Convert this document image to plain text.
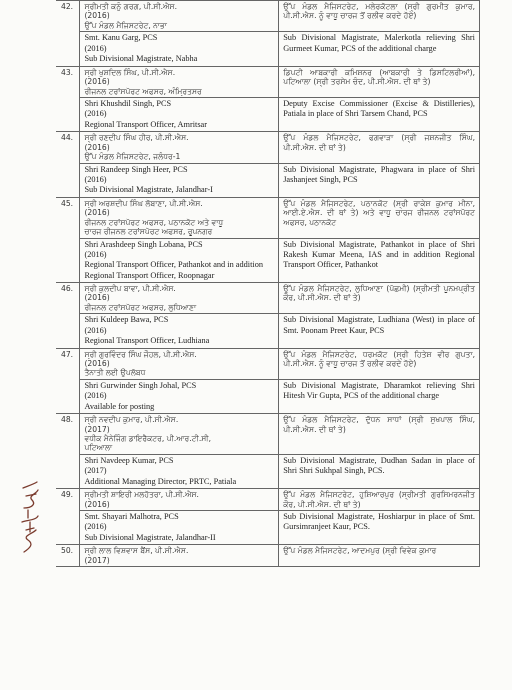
42.	ਸ੍ਰੀਮਤੀ ਕਨੂੰ ਗਰਗ, ਪੀ.ਸੀ.ਐਸ.
(2016)
ਉੱਪ ਮੰਡਲ ਮੈਜਿਸਟਰੇਟ, ਨਾਭਾ	ਉੱਪ ਮੰਡਲ ਮੈਜਿਸਟਰੇਟ, ਮਲੇਰਕੋਟਲਾ (ਸ੍ਰੀ ਗੁਰਮੀਤ ਕੁਮਾਰ, ਪੀ.ਸੀ.ਐਸ. ਨੂੰ ਵਾਧੂ ਚਾਰਜ ਤੋਂ ਰਲੀਵ ਕਰਦੇ ਹੋਏ)

	Smt. Kanu Garg, PCS
(2016)
Sub Divisional Magistrate, Nabha	Sub Divisional Magistrate, Malerkotla relieving Shri Gurmeet Kumar, PCS of the additional charge
43.	ਸ੍ਰੀ ਖੁਸ਼ਦਿਲ ਸਿੰਘ, ਪੀ.ਸੀ.ਐਸ.
(2016)
ਰੀਜਨਲ ਟਰਾਂਸਪੋਰਟ ਅਫਸਰ, ਅੰਮ੍ਰਿਤਸਰ	ਡਿਪਟੀ ਆਬਕਾਰੀ ਕਮਿਸ਼ਨਰ (ਆਬਕਾਰੀ ਤੇ ਡਿਸਟਿਲਰੀਆਂ), ਪਟਿਆਲਾ (ਸ੍ਰੀ ਤਰਸੇਮ ਚੰਦ, ਪੀ.ਸੀ.ਐਸ. ਦੀ ਥਾਂ ਤੇ)

	Shri Khushdil Singh, PCS
(2016)
Regional Transport Officer, Amritsar	Deputy Excise Commissioner (Excise & Distilleries), Patiala in place of Shri Tarsem Chand, PCS
44.	ਸ੍ਰੀ ਰਣਦੀਪ ਸਿੰਘ ਹੀਰ, ਪੀ.ਸੀ.ਐਸ.
(2016)
ਉੱਪ ਮੰਡਲ ਮੈਜਿਸਟਰੇਟ, ਜਲੰਧਰ-1	ਉੱਪ ਮੰਡਲ ਮੈਜਿਸਟਰੇਟ, ਫਗਵਾੜਾ (ਸ੍ਰੀ ਜਸ਼ਨਜੀਤ ਸਿੰਘ, ਪੀ.ਸੀ.ਐਸ. ਦੀ ਥਾਂ ਤੇ)

	Shri Randeep Singh Heer, PCS
(2016)
Sub Divisional Magistrate, Jalandhar-I	Sub Divisional Magistrate, Phagwara in place of Shri Jashanjeet Singh, PCS
45.	ਸ੍ਰੀ ਅਰਸ਼ਦੀਪ ਸਿੰਘ ਲੋਬਾਣਾ, ਪੀ.ਸੀ.ਐਸ.
(2016)
ਰੀਜਨਲ ਟਰਾਂਸਪੋਰਟ ਅਫਸਰ, ਪਠਾਨਕੋਟ ਅਤੇ ਵਾਧੂ
ਚਾਰਜ ਰੀਜਨਲ ਟਰਾਂਸਪੋਰਟ ਅਫਸਰ, ਰੂਪਨਗਰ	ਉੱਪ ਮੰਡਲ ਮੈਜਿਸਟਰੇਟ, ਪਠਾਨਕੋਟ (ਸ੍ਰੀ ਰਾਕੇਸ਼ ਕੁਮਾਰ ਮੀਨਾ, ਆਈ.ਏ.ਐਸ. ਦੀ ਥਾਂ ਤੇ) ਅਤੇ ਵਾਧੂ ਚਾਰਜ ਰੀਜਨਲ ਟਰਾਂਸਪੋਰਟ ਅਫਸਰ, ਪਠਾਨਕੋਟ

	Shri Arashdeep Singh Lobana, PCS
(2016)
Regional Transport Officer, Pathankot and in addition Regional Transport Officer, Roopnagar	Sub Divisional Magistrate, Pathankot in place of Shri Rakesh Kumar Meena, IAS and in addition Regional Transport Officer, Pathankot
46.	ਸ੍ਰੀ ਕੁਲਦੀਪ ਬਾਵਾ, ਪੀ.ਸੀ.ਐਸ.
(2016)
ਰੀਜਨਲ ਟਰਾਂਸਪੋਰਟ ਅਫਸਰ, ਲੁਧਿਆਣਾ	ਉੱਪ ਮੰਡਲ ਮੈਜਿਸਟਰੇਟ, ਲੁਧਿਆਣਾ (ਪੱਛਮੀ) (ਸ੍ਰੀਮਤੀ ਪੂਨਮਪ੍ਰੀਤ ਕੌਰ, ਪੀ.ਸੀ.ਐਸ. ਦੀ ਥਾਂ ਤੇ)

	Shri Kuldeep Bawa, PCS
(2016)
Regional Transport Officer, Ludhiana	Sub Divisional Magistrate, Ludhiana (West) in place of Smt. Poonam Preet Kaur, PCS
47.	ਸ੍ਰੀ ਗੁਰਵਿੰਦਰ ਸਿੰਘ ਜੌਹਲ, ਪੀ.ਸੀ.ਐਸ.
(2016)
ਤੈਨਾਤੀ ਲਈ ਉਪਲੱਬਧ	ਉੱਪ ਮੰਡਲ ਮੈਜਿਸਟਰੇਟ, ਧਰਮਕੋਟ (ਸ੍ਰੀ ਹਿਤੇਸ਼ ਵੀਰ ਗੁਪਤਾ, ਪੀ.ਸੀ.ਐਸ. ਨੂੰ ਵਾਧੂ ਚਾਰਜ ਤੋਂ ਰਲੀਵ ਕਰਦੇ ਹੋਏ)

	Shri Gurwinder Singh Johal, PCS
(2016)
Available for posting	Sub Divisional Magistrate, Dharamkot relieving Shri Hitesh Vir Gupta, PCS of the additional charge
48.	ਸ੍ਰੀ ਨਵਦੀਪ ਕੁਮਾਰ, ਪੀ.ਸੀ.ਐਸ.
(2017)
ਵਧੀਕ ਮੈਨੇਜਿੰਗ ਡਾਇਰੈਕਟਰ, ਪੀ.ਆਰ.ਟੀ.ਸੀ,
ਪਟਿਆਲਾ	ਉੱਪ ਮੰਡਲ ਮੈਜਿਸਟਰੇਟ, ਦੁੱਧਨ ਸਾਧਾਂ (ਸ੍ਰੀ ਸੁਖਪਾਲ ਸਿੰਘ, ਪੀ.ਸੀ.ਐਸ. ਦੀ ਥਾਂ ਤੇ)

	Shri Navdeep Kumar, PCS
(2017)
Additional Managing Director, PRTC, Patiala	Sub Divisional Magistrate, Dudhan Sadan in place of Shri Shri Sukhpal Singh, PCS.
49.	ਸ੍ਰੀਮਤੀ ਸ਼ਾਇਰੀ ਮਲਹੋਤਰਾ, ਪੀ.ਸੀ.ਐਸ.
(2016)	ਉੱਪ ਮੰਡਲ ਮੈਜਿਸਟਰੇਟ, ਹੁਸ਼ਿਆਰਪੁਰ (ਸ੍ਰੀਮਤੀ ਗੁਰਸਿਮਰਨਜੀਤ ਕੌਰ, ਪੀ.ਸੀ.ਐਸ. ਦੀ ਥਾਂ ਤੇ)

	Smt. Shayari Malhotra, PCS
(2016)
Sub Divisional Magistrate, Jalandhar-II	Sub Divisional Magistrate, Hoshiarpur in place of Smt. Gursimranjeet Kaur, PCS.
50.	ਸ੍ਰੀ ਲਾਲ ਵਿਸ਼ਵਾਸ ਬੈਂਸ, ਪੀ.ਸੀ.ਐਸ.
(2017)	ਉੱਪ ਮੰਡਲ ਮੈਜਿਸਟਰੇਟ, ਆਦਮਪੁਰ (ਸ੍ਰੀ ਵਿਵੇਕ ਕੁਮਾਰ
